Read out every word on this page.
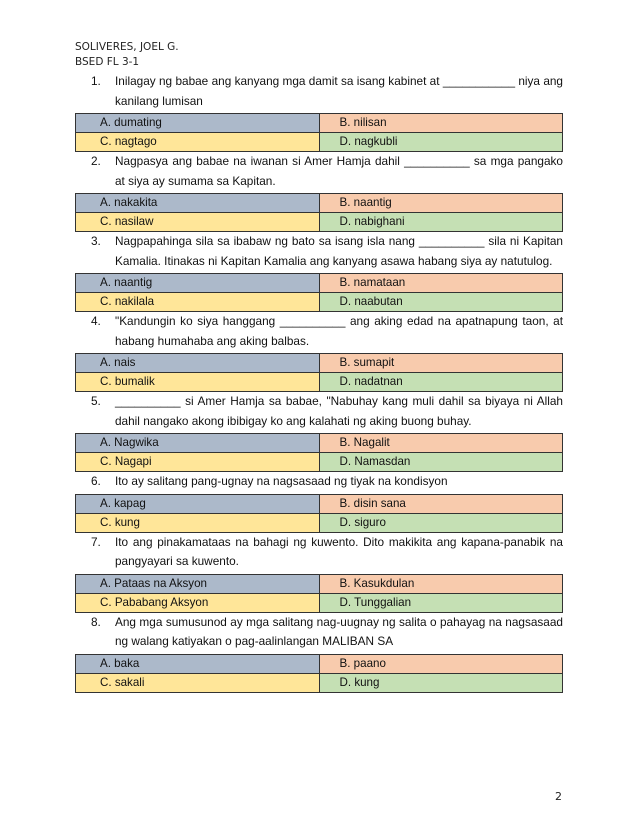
SOLIVERES, JOEL G.
BSED FL 3-1
1.	Inilagay ng babae ang kanyang mga damit sa isang kabinet at ___________ niya ang kanilang lumisan
A. dumating	B. nilisan
C. nagtago	D. nagkubli
2.	Nagpasya ang babae na iwanan si Amer Hamja dahil __________ sa mga pangako at siya ay sumama sa Kapitan.
A. nakakita	B. naantig
C. nasilaw	D. nabighani
3.	Nagpapahinga sila sa ibabaw ng bato sa isang isla nang __________ sila ni Kapitan Kamalia. Itinakas ni Kapitan Kamalia ang kanyang asawa habang siya ay natutulog.
A. naantig	B. namataan
C. nakilala	D. naabutan
4.	"Kandungin ko siya hanggang __________ ang aking edad na apatnapung taon, at habang humahaba ang aking balbas.
A. nais	B. sumapit
C. bumalik	D. nadatnan
5.	__________ si Amer Hamja sa babae, "Nabuhay kang muli dahil sa biyaya ni Allah dahil nangako akong ibibigay ko ang kalahati ng aking buong buhay.
A. Nagwika	B. Nagalit
C. Nagapi	D. Namasdan
6.	Ito ay salitang pang-ugnay na nagsasaad ng tiyak na kondisyon
A. kapag	B. disin sana
C. kung	D. siguro
7.	Ito ang pinakamataas na bahagi ng kuwento. Dito makikita ang kapana-panabik na pangyayari sa kuwento.
A. Pataas na Aksyon	B. Kasukdulan
C. Pababang Aksyon	D. Tunggalian
8.	Ang mga sumusunod ay mga salitang nag-uugnay ng salita o pahayag na nagsasaad ng walang katiyakan o pag-aalinlangan MALIBAN SA
A. baka	B. paano
C. sakali	D. kung
2
